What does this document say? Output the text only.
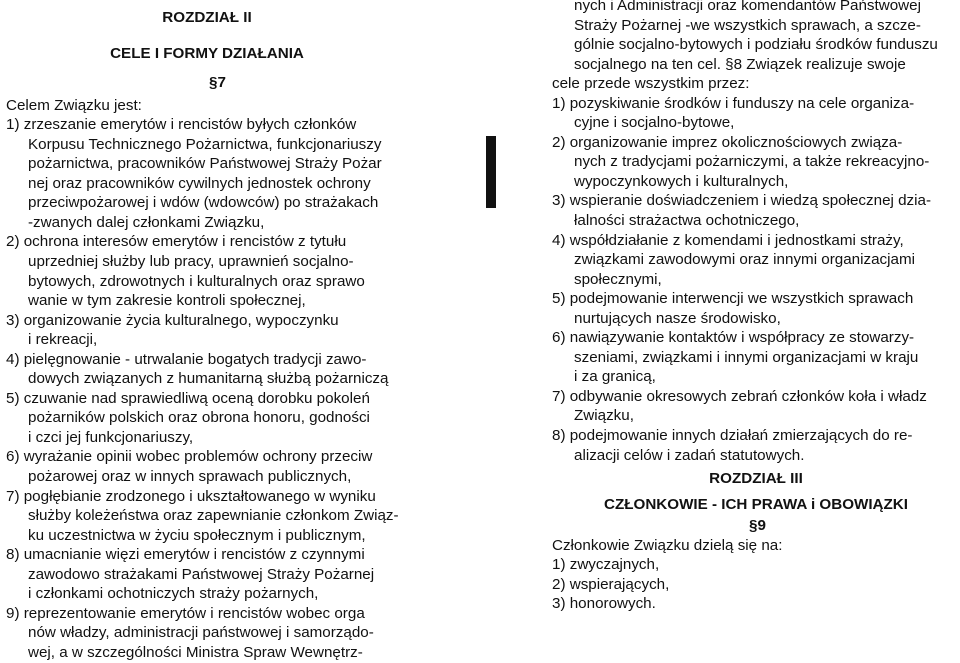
ROZDZIAŁ II
CELE I FORMY DZIAŁANIA
§7
Celem Związku jest:
1) zrzeszanie emerytów i rencistów byłych członków
Korpusu Technicznego Pożarnictwa, funkcjonariuszy
pożarnictwa, pracowników Państwowej Straży Pożar
nej oraz pracowników cywilnych jednostek ochrony
przeciwpożarowej i wdów (wdowców) po strażakach
-zwanych dalej członkami Związku,
2) ochrona interesów emerytów i rencistów z tytułu
uprzedniej służby lub pracy, uprawnień socjalno-
bytowych, zdrowotnych i kulturalnych oraz sprawo
wanie w tym zakresie kontroli społecznej,
3) organizowanie życia kulturalnego, wypoczynku
i rekreacji,
4) pielęgnowanie - utrwalanie bogatych tradycji zawo-
dowych związanych z humanitarną służbą pożarniczą
5) czuwanie nad sprawiedliwą oceną dorobku pokoleń
pożarników polskich oraz obrona honoru, godności
i czci jej funkcjonariuszy,
6) wyrażanie opinii wobec problemów ochrony przeciw
pożarowej oraz w innych sprawach publicznych,
7) pogłębianie zrodzonego i ukształtowanego w wyniku
służby koleżeństwa oraz zapewnianie członkom Związ-
ku uczestnictwa w życiu społecznym i publicznym,
8) umacnianie więzi emerytów i rencistów z czynnymi
zawodowo strażakami Państwowej Straży Pożarnej
i członkami ochotniczych straży pożarnych,
9) reprezentowanie emerytów i rencistów wobec orga
nów władzy, administracji państwowej i samorządo-
wej, a w szczególności Ministra Spraw Wewnętrz-
nych i Administracji oraz komendantów Państwowej
Straży Pożarnej -we wszystkich sprawach, a szcze-
gólnie socjalno-bytowych i podziału środków funduszu
socjalnego na ten cel. §8 Związek realizuje swoje
cele przede wszystkim przez:
1) pozyskiwanie środków i funduszy na cele organiza-
cyjne i socjalno-bytowe,
2) organizowanie imprez okolicznościowych związa-
nych z tradycjami pożarniczymi, a także rekreacyjno-
wypoczynkowych i kulturalnych,
3) wspieranie doświadczeniem i wiedzą społecznej dzia-
łalności strażactwa ochotniczego,
4) współdziałanie z komendami i jednostkami straży,
związkami zawodowymi oraz innymi organizacjami
społecznymi,
5) podejmowanie interwencji we wszystkich sprawach
nurtujących nasze środowisko,
6) nawiązywanie kontaktów i współpracy ze stowarzy-
szeniami, związkami i innymi organizacjami w kraju
i za granicą,
7) odbywanie okresowych zebrań członków koła i władz
Związku,
8) podejmowanie innych działań zmierzających do re-
alizacji celów i zadań statutowych.
ROZDZIAŁ III
CZŁONKOWIE - ICH PRAWA i OBOWIĄZKI
§9
Członkowie Związku dzielą się na:
1) zwyczajnych,
2) wspierających,
3) honorowych.
